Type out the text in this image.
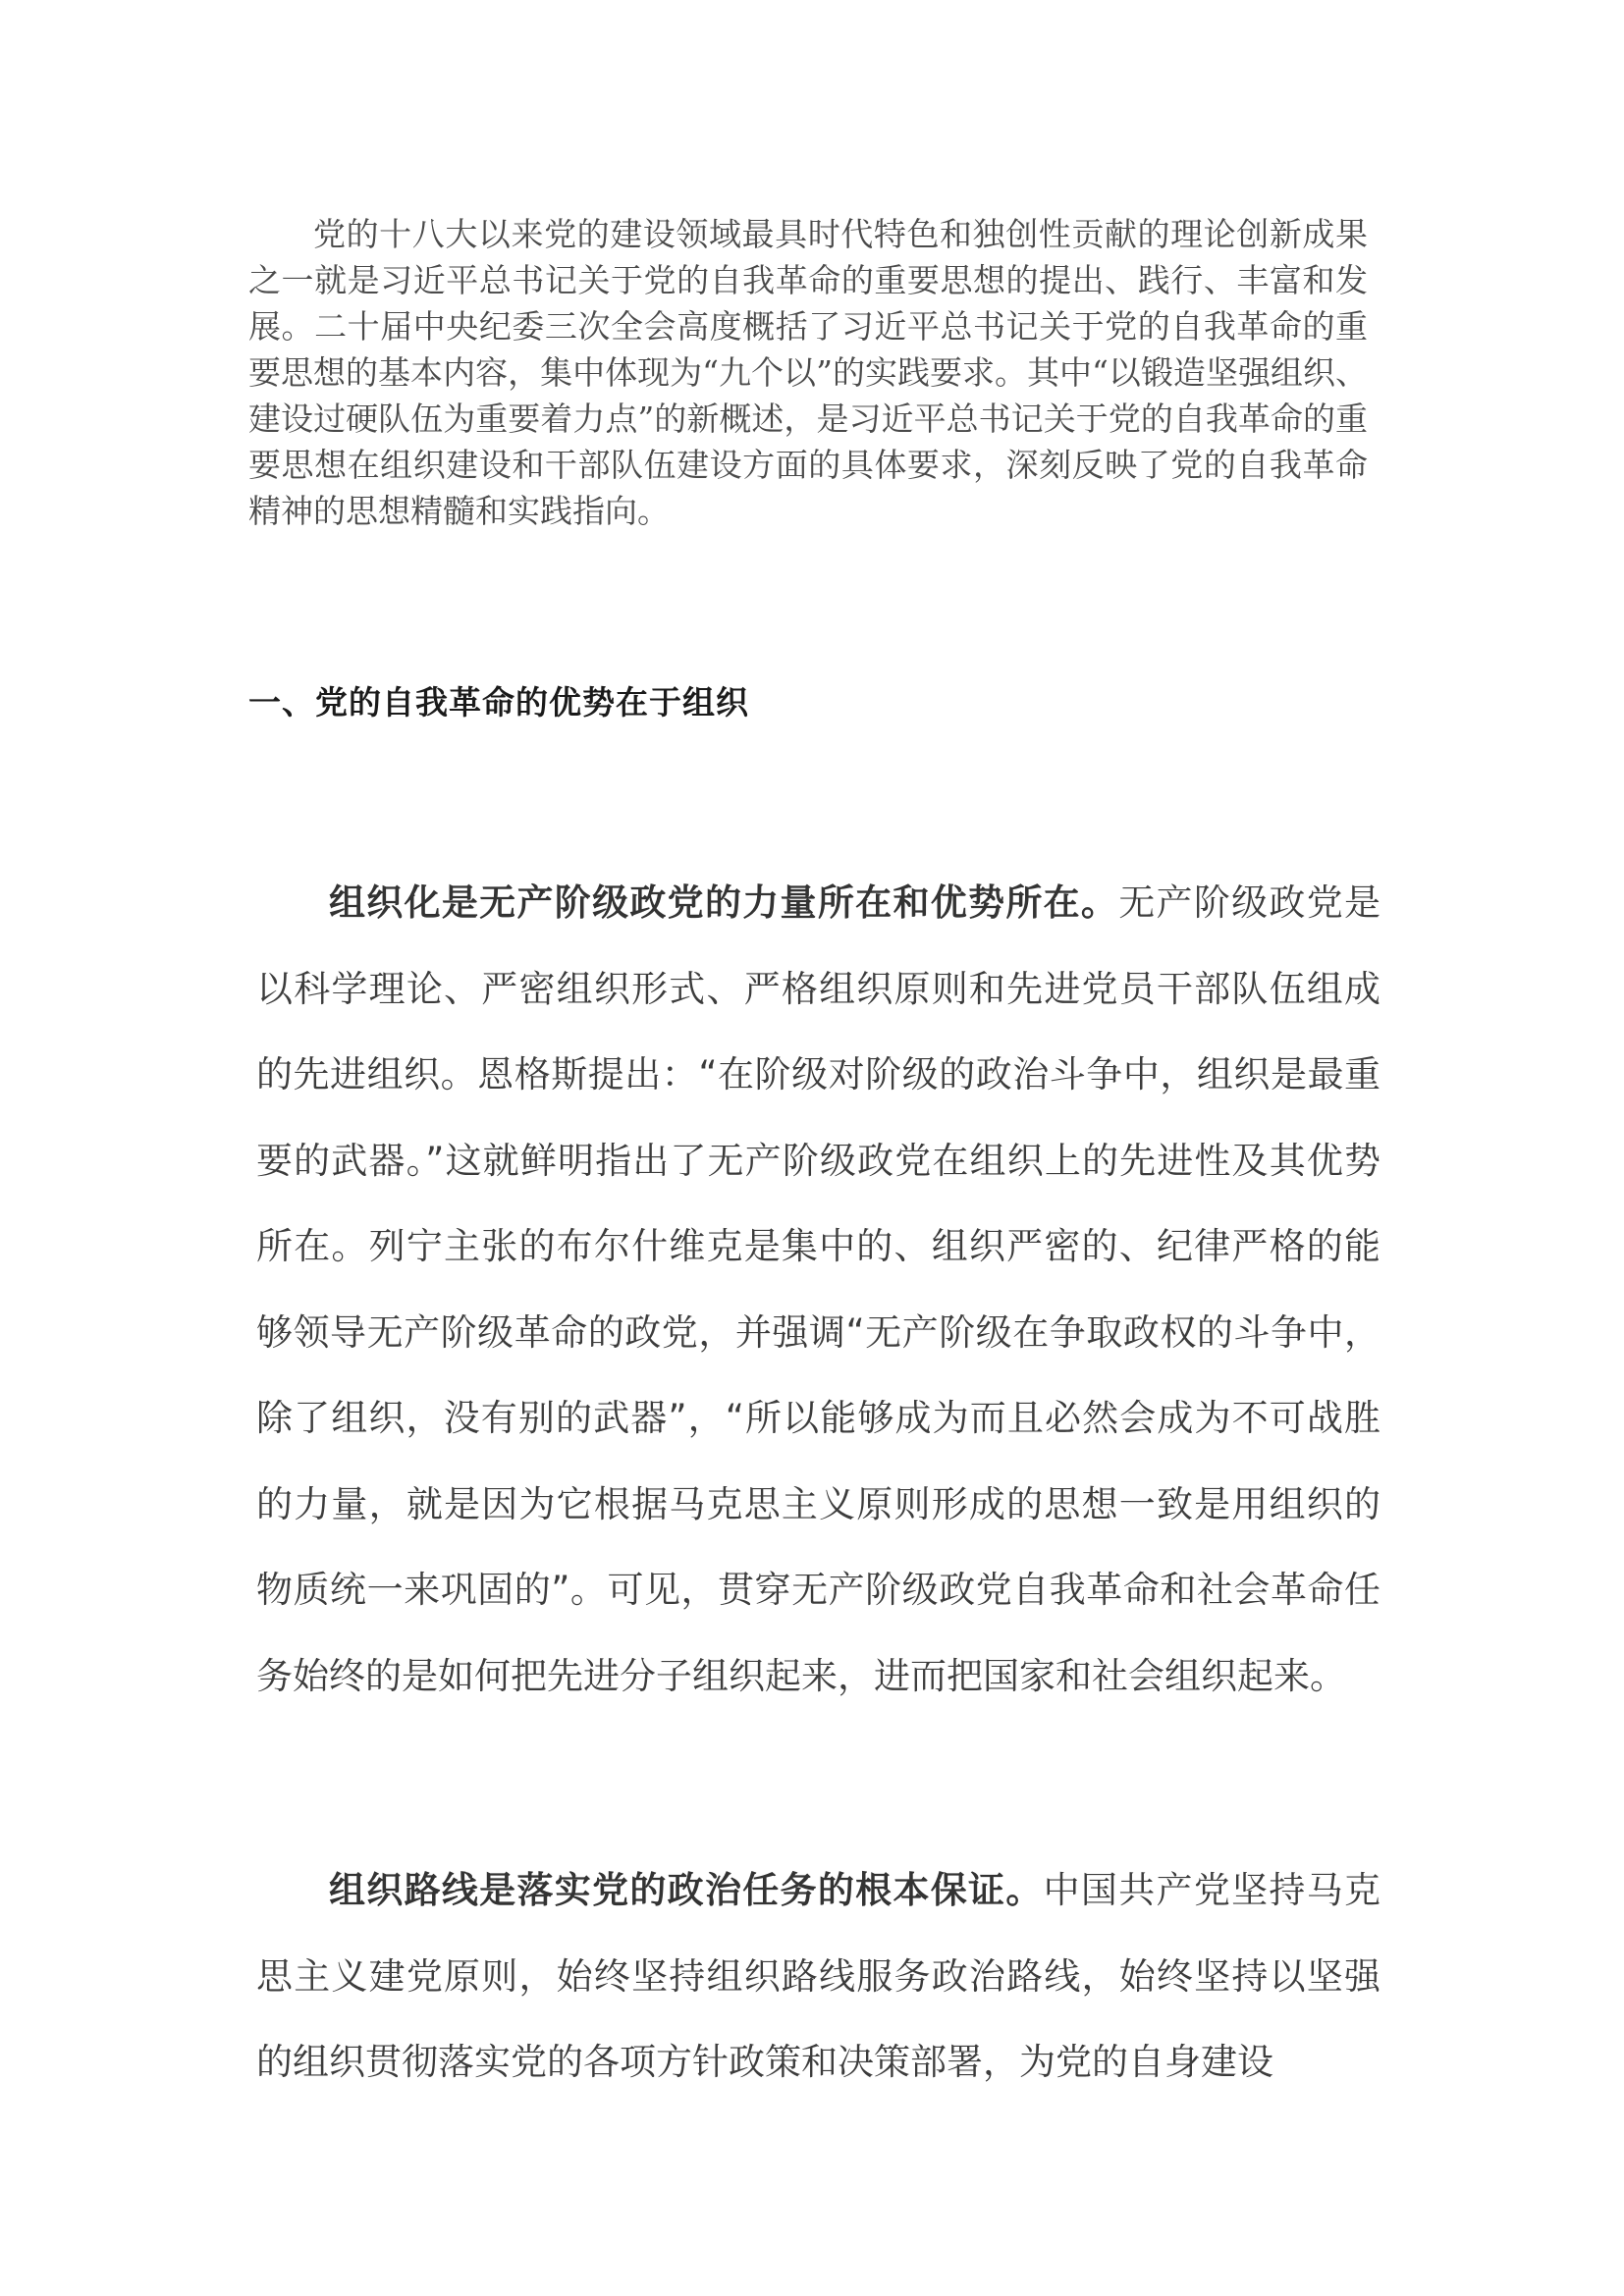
党的十八大以来党的建设领域最具时代特色和独创性贡献的理论创新成果之一就是习近平总书记关于党的自我革命的重要思想的提出、践行、丰富和发展。二十届中央纪委三次全会高度概括了习近平总书记关于党的自我革命的重要思想的基本内容，集中体现为“九个以”的实践要求。其中“以锻造坚强组织、建设过硬队伍为重要着力点”的新概述，是习近平总书记关于党的自我革命的重要思想在组织建设和干部队伍建设方面的具体要求，深刻反映了党的自我革命精神的思想精髓和实践指向。

一、党的自我革命的优势在于组织

组织化是无产阶级政党的力量所在和优势所在。无产阶级政党是以科学理论、严密组织形式、严格组织原则和先进党员干部队伍组成的先进组织。恩格斯提出：“在阶级对阶级的政治斗争中，组织是最重要的武器。”这就鲜明指出了无产阶级政党在组织上的先进性及其优势所在。列宁主张的布尔什维克是集中的、组织严密的、纪律严格的能够领导无产阶级革命的政党，并强调“无产阶级在争取政权的斗争中，除了组织，没有别的武器”，“所以能够成为而且必然会成为不可战胜的力量，就是因为它根据马克思主义原则形成的思想一致是用组织的物质统一来巩固的”。可见，贯穿无产阶级政党自我革命和社会革命任务始终的是如何把先进分子组织起来，进而把国家和社会组织起来。

组织路线是落实党的政治任务的根本保证。中国共产党坚持马克思主义建党原则，始终坚持组织路线服务政治路线，始终坚持以坚强的组织贯彻落实党的各项方针政策和决策部署，为党的自身建设
